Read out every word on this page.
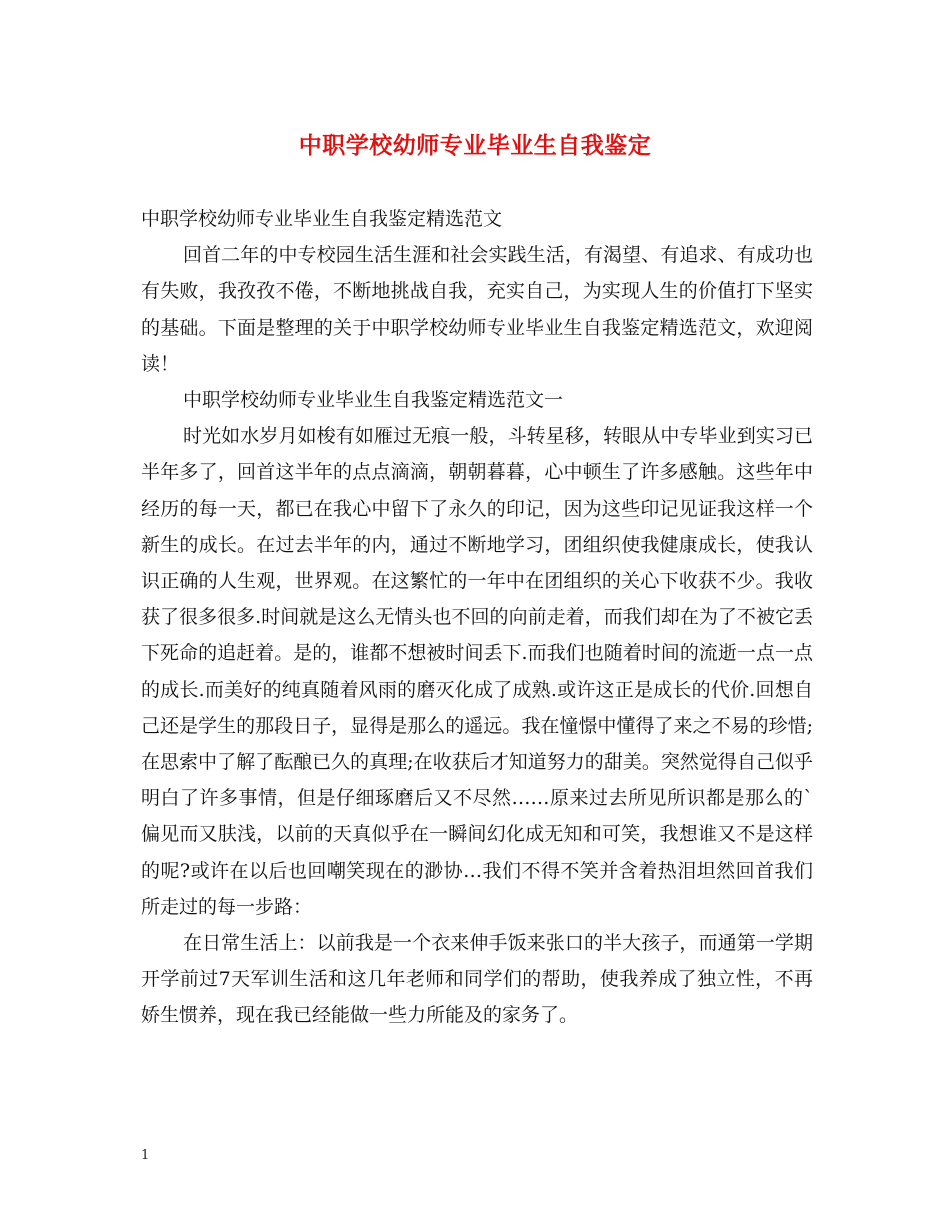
中职学校幼师专业毕业生自我鉴定

中职学校幼师专业毕业生自我鉴定精选范文

回首二年的中专校园生活生涯和社会实践生活，有渴望、有追求、有成功也有失败，我孜孜不倦，不断地挑战自我，充实自己，为实现人生的价值打下坚实的基础。下面是整理的关于中职学校幼师专业毕业生自我鉴定精选范文，欢迎阅读！

中职学校幼师专业毕业生自我鉴定精选范文一

时光如水岁月如梭有如雁过无痕一般，斗转星移，转眼从中专毕业到实习已半年多了，回首这半年的点点滴滴，朝朝暮暮，心中顿生了许多感触。这些年中经历的每一天，都已在我心中留下了永久的印记，因为这些印记见证我这样一个新生的成长。在过去半年的内，通过不断地学习，团组织使我健康成长，使我认识正确的人生观，世界观。在这繁忙的一年中在团组织的关心下收获不少。我收获了很多很多.时间就是这么无情头也不回的向前走着，而我们却在为了不被它丢下死命的追赶着。是的，谁都不想被时间丢下.而我们也随着时间的流逝一点一点的成长.而美好的纯真随着风雨的磨灭化成了成熟.或许这正是成长的代价.回想自己还是学生的那段日子，显得是那么的遥远。我在憧憬中懂得了来之不易的珍惜;在思索中了解了酝酿已久的真理;在收获后才知道努力的甜美。突然觉得自己似乎明白了许多事情，但是仔细琢磨后又不尽然……原来过去所见所识都是那么的`偏见而又肤浅，以前的天真似乎在一瞬间幻化成无知和可笑，我想谁又不是这样的呢?或许在以后也回嘲笑现在的渺协…我们不得不笑并含着热泪坦然回首我们所走过的每一步路：

在日常生活上：以前我是一个衣来伸手饭来张口的半大孩子，而通第一学期开学前过7天军训生活和这几年老师和同学们的帮助，使我养成了独立性，不再娇生惯养，现在我已经能做一些力所能及的家务了。

1
